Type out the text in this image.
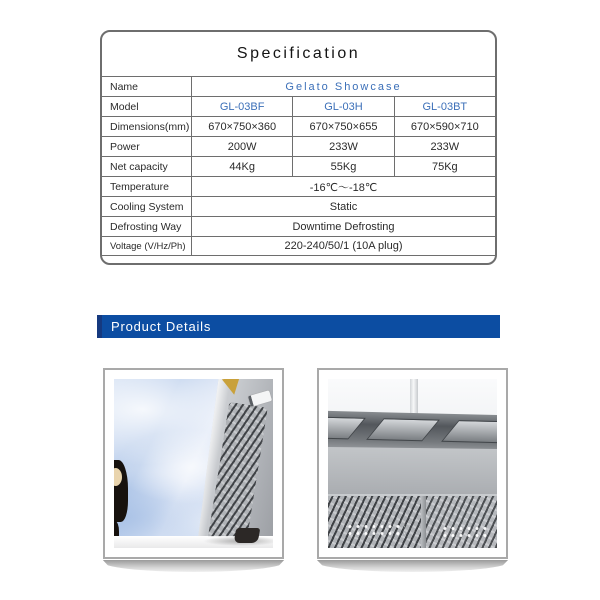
Specification
Name	Gelato Showcase
Model	GL-03BF	GL-03H	GL-03BT
Dimensions(mm)	670×750×360	670×750×655	670×590×710
Power	200W	233W	233W
Net capacity	44Kg	55Kg	75Kg
Temperature	-16℃～-18℃
Cooling System	Static
Defrosting Way	Downtime Defrosting
Voltage (V/Hz/Ph)	220-240/50/1 (10A plug)
Product Details
